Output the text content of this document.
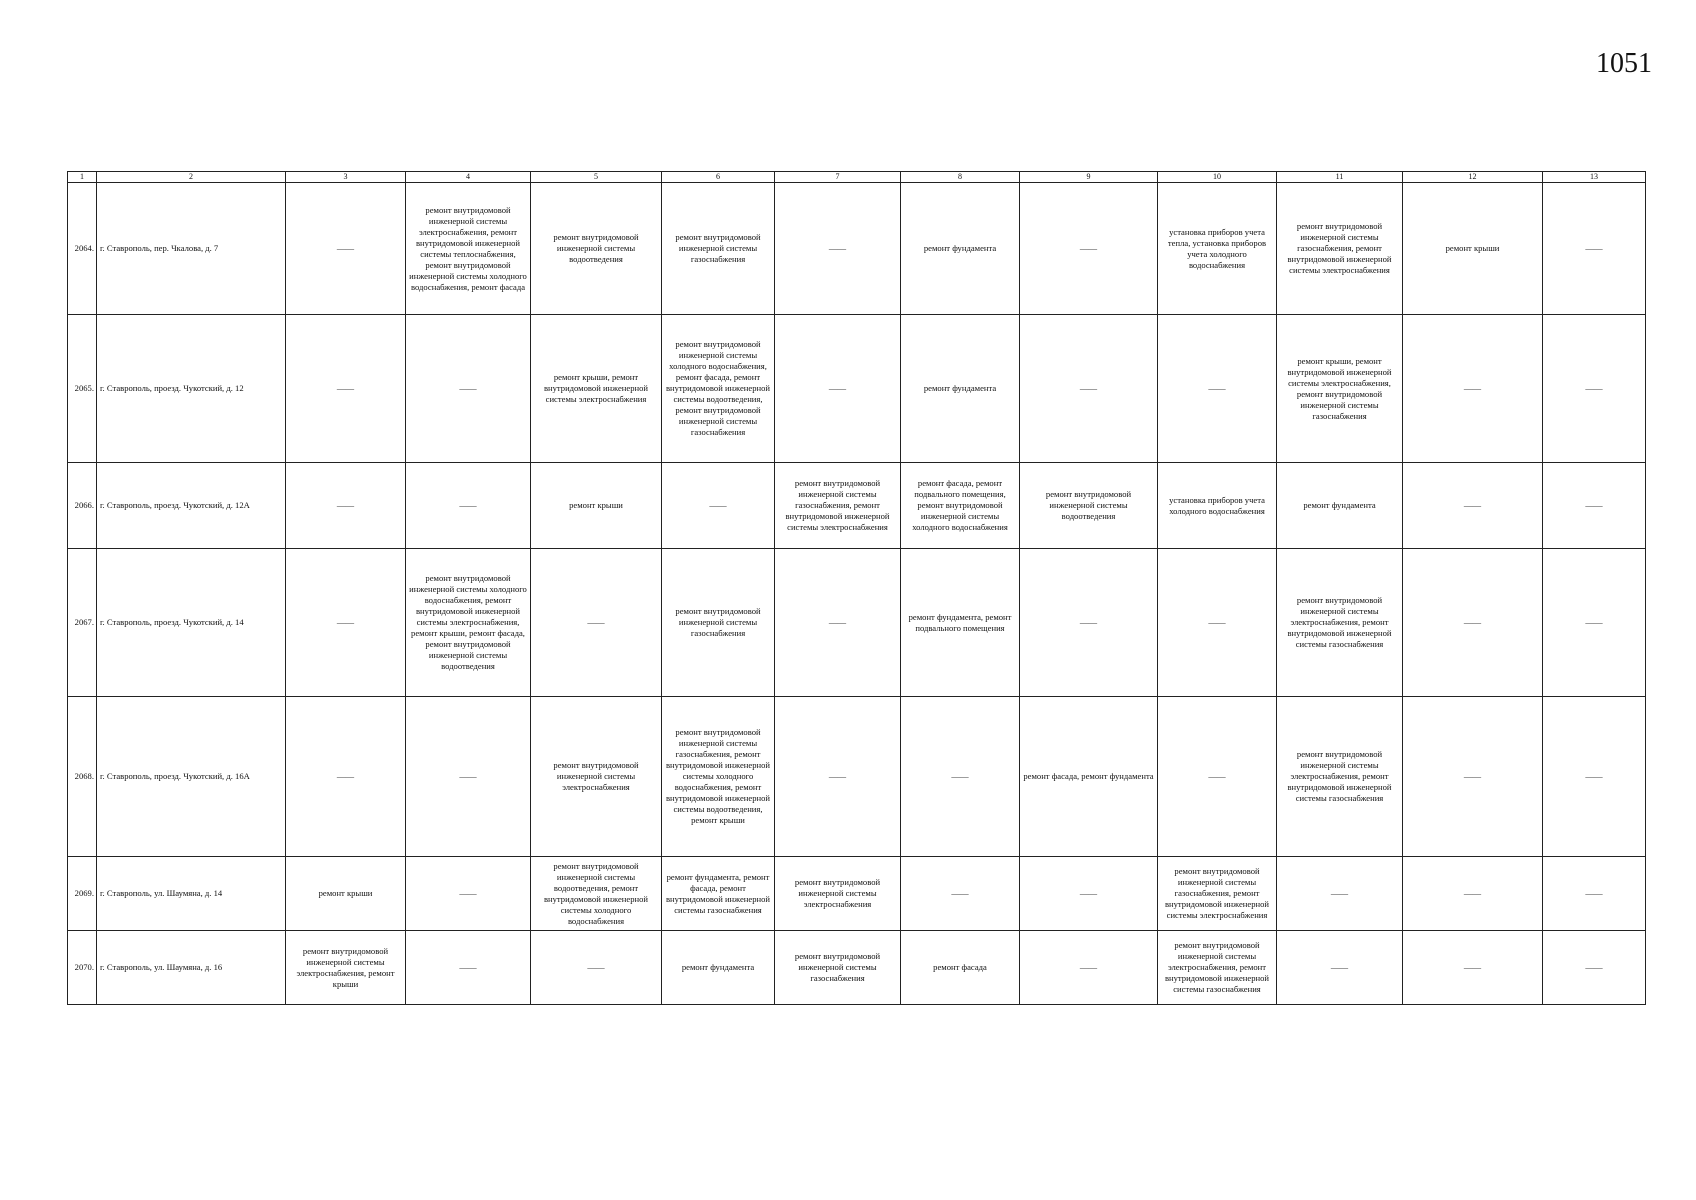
1051
1	2	3	4	5	6	7	8	9	10	11	12	13
2064.	г. Ставрополь, пер. Чкалова, д. 7	——	ремонт внутридомовой инженерной системы электроснабжения, ремонт внутридомовой инженерной системы теплоснабжения, ремонт внутридомовой инженерной системы холодного водоснабжения, ремонт фасада	ремонт внутридомовой инженерной системы водоотведения	ремонт внутридомовой инженерной системы газоснабжения	——	ремонт фундамента	——	установка приборов учета тепла, установка приборов учета холодного водоснабжения	ремонт внутридомовой инженерной системы газоснабжения, ремонт внутридомовой инженерной системы электроснабжения	ремонт крыши	——
2065.	г. Ставрополь, проезд. Чукотский, д. 12	——	——	ремонт крыши, ремонт внутридомовой инженерной системы электроснабжения	ремонт внутридомовой инженерной системы холодного водоснабжения, ремонт фасада, ремонт внутридомовой инженерной системы водоотведения, ремонт внутридомовой инженерной системы газоснабжения	——	ремонт фундамента	——	——	ремонт крыши, ремонт внутридомовой инженерной системы электроснабжения, ремонт внутридомовой инженерной системы газоснабжения	——	——
2066.	г. Ставрополь, проезд. Чукотский, д. 12А	——	——	ремонт крыши	——	ремонт внутридомовой инженерной системы газоснабжения, ремонт внутридомовой инженерной системы электроснабжения	ремонт фасада, ремонт подвального помещения, ремонт внутридомовой инженерной системы холодного водоснабжения	ремонт внутридомовой инженерной системы водоотведения	установка приборов учета холодного водоснабжения	ремонт фундамента	——	——
2067.	г. Ставрополь, проезд. Чукотский, д. 14	——	ремонт внутридомовой инженерной системы холодного водоснабжения, ремонт внутридомовой инженерной системы электроснабжения, ремонт крыши, ремонт фасада, ремонт внутридомовой инженерной системы водоотведения	——	ремонт внутридомовой инженерной системы газоснабжения	——	ремонт фундамента, ремонт подвального помещения	——	——	ремонт внутридомовой инженерной системы электроснабжения, ремонт внутридомовой инженерной системы газоснабжения	——	——
2068.	г. Ставрополь, проезд. Чукотский, д. 16А	——	——	ремонт внутридомовой инженерной системы электроснабжения	ремонт внутридомовой инженерной системы газоснабжения, ремонт внутридомовой инженерной системы холодного водоснабжения, ремонт внутридомовой инженерной системы водоотведения, ремонт крыши	——	——	ремонт фасада, ремонт фундамента	——	ремонт внутридомовой инженерной системы электроснабжения, ремонт внутридомовой инженерной системы газоснабжения	——	——
2069.	г. Ставрополь, ул. Шаумяна, д. 14	ремонт крыши	——	ремонт внутридомовой инженерной системы водоотведения, ремонт внутридомовой инженерной системы холодного водоснабжения	ремонт фундамента, ремонт фасада, ремонт внутридомовой инженерной системы газоснабжения	ремонт внутридомовой инженерной системы электроснабжения	——	——	ремонт внутридомовой инженерной системы газоснабжения, ремонт внутридомовой инженерной системы электроснабжения	——	——	——
2070.	г. Ставрополь, ул. Шаумяна, д. 16	ремонт внутридомовой инженерной системы электроснабжения, ремонт крыши	——	——	ремонт фундамента	ремонт внутридомовой инженерной системы газоснабжения	ремонт фасада	——	ремонт внутридомовой инженерной системы электроснабжения, ремонт внутридомовой инженерной системы газоснабжения	——	——	——
